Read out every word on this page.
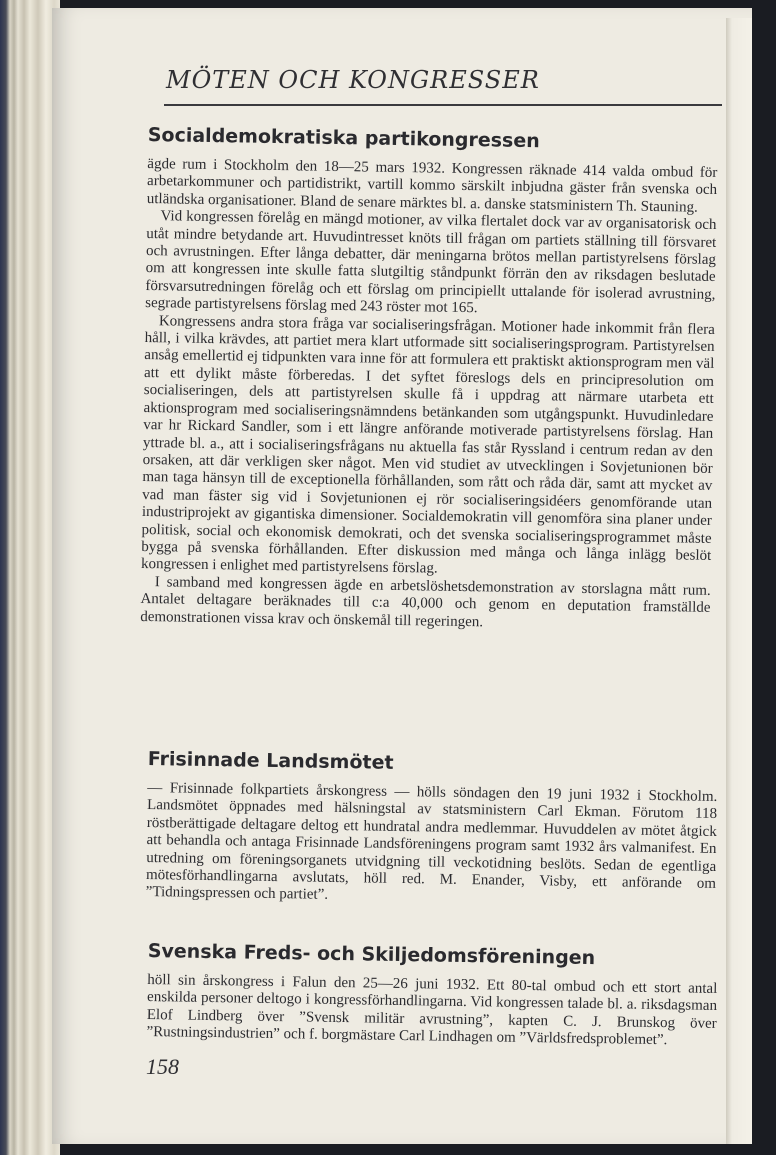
MÖTEN OCH KONGRESSER
Socialdemokratiska partikongressen

ägde rum i Stockholm den 18—25 mars 1932. Kongressen räknade 414 valda ombud för arbetarkommuner och partidistrikt, vartill kommo särskilt inbjudna gäster från svenska och utländska organisationer. Bland de senare märktes bl. a. danske statsministern Th. Stauning.

Vid kongressen förelåg en mängd motioner, av vilka flertalet dock var av organisatorisk och utåt mindre betydande art. Huvudintresset knöts till frågan om partiets ställning till försvaret och avrustningen. Efter långa debatter, där meningarna brötos mellan partistyrelsens förslag om att kongressen inte skulle fatta slutgiltig ståndpunkt förrän den av riksdagen beslutade försvarsutredningen förelåg och ett förslag om principiellt uttalande för isolerad avrustning, segrade partistyrelsens förslag med 243 röster mot 165.

Kongressens andra stora fråga var socialiseringsfrågan. Motioner hade inkommit från flera håll, i vilka krävdes, att partiet mera klart utformade sitt socialiseringsprogram. Partistyrelsen ansåg emellertid ej tidpunkten vara inne för att formulera ett praktiskt aktionsprogram men väl att ett dylikt måste förberedas. I det syftet föreslogs dels en principresolution om socialiseringen, dels att partistyrelsen skulle få i uppdrag att närmare utarbeta ett aktionsprogram med socialiseringsnämndens betänkanden som utgångspunkt. Huvudinledare var hr Rickard Sandler, som i ett längre anförande motiverade partistyrelsens förslag. Han yttrade bl. a., att i socialiseringsfrågans nu aktuella fas står Ryssland i centrum redan av den orsaken, att där verkligen sker något. Men vid studiet av utvecklingen i Sovjetunionen bör man taga hänsyn till de exceptionella förhållanden, som rått och råda där, samt att mycket av vad man fäster sig vid i Sovjetunionen ej rör socialiseringsidéers genomförande utan industriprojekt av gigantiska dimensioner. Socialdemokratin vill genomföra sina planer under politisk, social och ekonomisk demokrati, och det svenska socialiseringsprogrammet måste bygga på svenska förhållanden. Efter diskussion med många och långa inlägg beslöt kongressen i enlighet med partistyrelsens förslag.

I samband med kongressen ägde en arbetslöshetsdemonstration av storslagna mått rum. Antalet deltagare beräknades till c:a 40,000 och genom en deputation framställde demonstrationen vissa krav och önskemål till regeringen.

Frisinnade Landsmötet

— Frisinnade folkpartiets årskongress — hölls söndagen den 19 juni 1932 i Stockholm. Landsmötet öppnades med hälsningstal av statsministern Carl Ekman. Förutom 118 röstberättigade deltagare deltog ett hundratal andra medlemmar. Huvuddelen av mötet åtgick att behandla och antaga Frisinnade Landsföreningens program samt 1932 års valmanifest. En utredning om föreningsorganets utvidgning till veckotidning beslöts. Sedan de egentliga mötesförhandlingarna avslutats, höll red. M. Enander, Visby, ett anförande om ”Tidningspressen och partiet”.

Svenska Freds- och Skiljedomsföreningen

höll sin årskongress i Falun den 25—26 juni 1932. Ett 80-tal ombud och ett stort antal enskilda personer deltogo i kongressförhandlingarna. Vid kongressen talade bl. a. riksdagsman Elof Lindberg över ”Svensk militär avrustning”, kapten C. J. Brunskog över ”Rustningsindustrien” och f. borgmästare Carl Lindhagen om ”Världsfredsproblemet”.

158
